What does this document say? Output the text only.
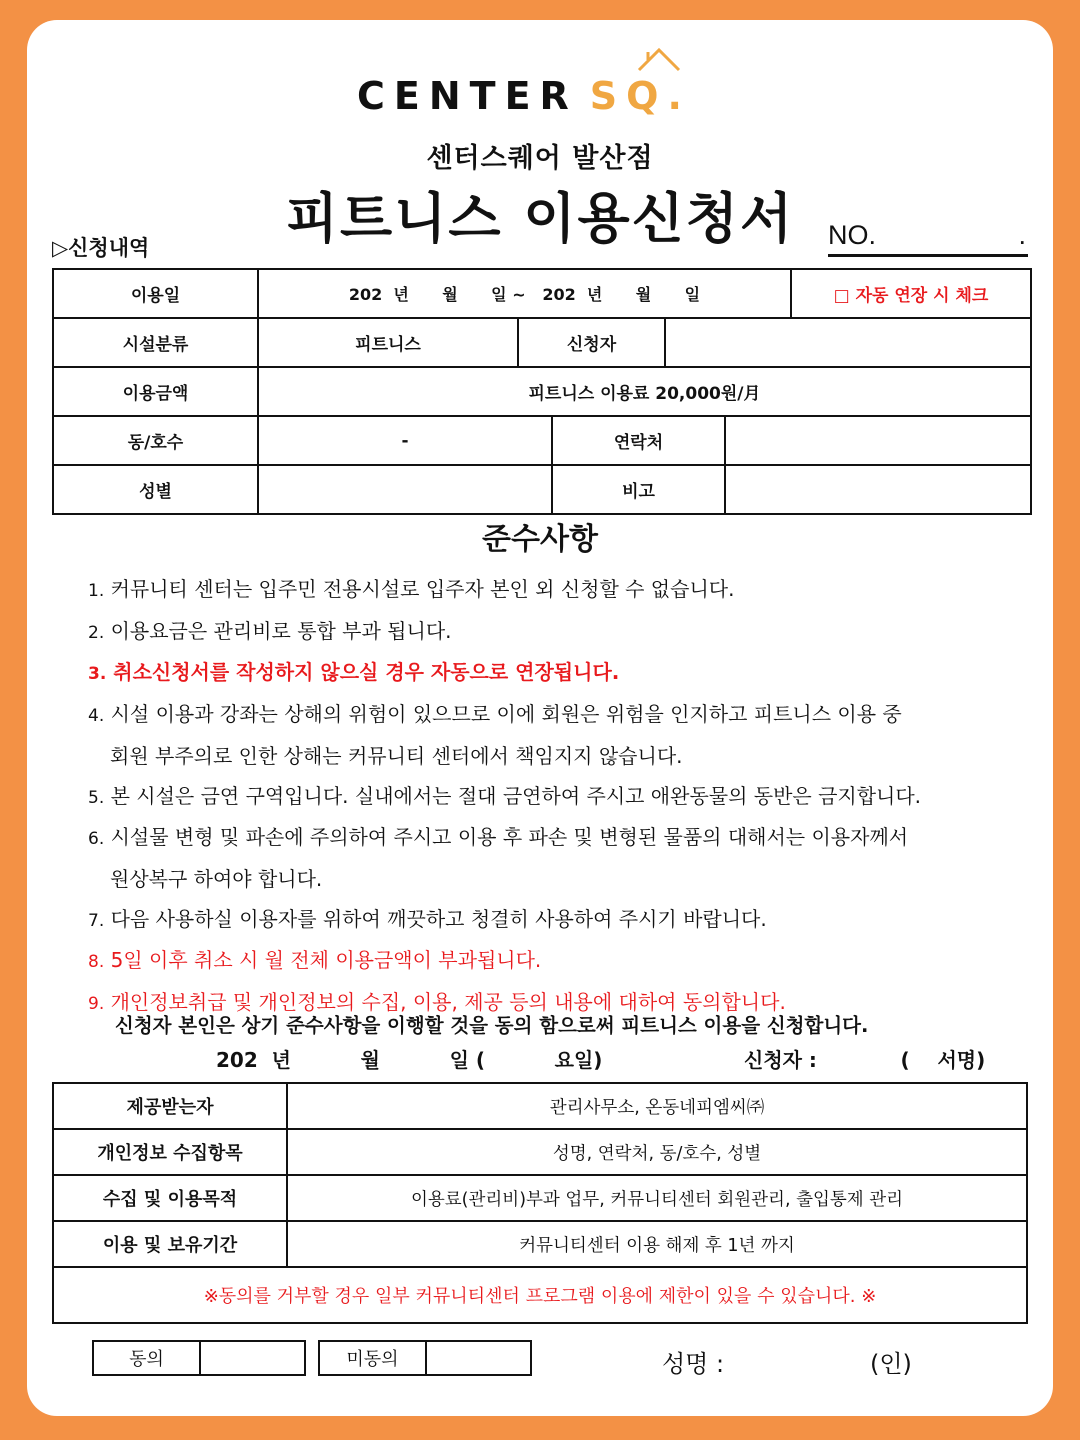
CENTER SQ.
센터스퀘어 발산점
피트니스 이용신청서
▷신청내역	NO.	.
이용일	202  년      월      일 ~   202  년      월      일					□ 자동 연장 시 체크
시설분류	피트니스	신청자				
이용금액	피트니스 이용료 20,000원/月					
동/호수	-		연락처			
성별			비고			
준수사항
1. 커뮤니티 센터는 입주민 전용시설로 입주자 본인 외 신청할 수 없습니다.
2. 이용요금은 관리비로 통합 부과 됩니다.
3. 취소신청서를 작성하지 않으실 경우 자동으로 연장됩니다.
4. 시설 이용과 강좌는 상해의 위험이 있으므로 이에 회원은 위험을 인지하고 피트니스 이용 중
회원 부주의로 인한 상해는 커뮤니티 센터에서 책임지지 않습니다.
5. 본 시설은 금연 구역입니다. 실내에서는 절대 금연하여 주시고 애완동물의 동반은 금지합니다.
6. 시설물 변형 및 파손에 주의하여 주시고 이용 후 파손 및 변형된 물품의 대해서는 이용자께서
원상복구 하여야 합니다.
7. 다음 사용하실 이용자를 위하여 깨끗하고 청결히 사용하여 주시기 바랍니다.
8. 5일 이후 취소 시 월 전체 이용금액이 부과됩니다.
9. 개인정보취급 및 개인정보의 수집, 이용, 제공 등의 내용에 대하여 동의합니다.
신청자 본인은 상기 준수사항을 이행할 것을 동의 함으로써 피트니스 이용을 신청합니다.
202  년          월          일 (          요일)	신청자 :            (    서명)
제공받는자	관리사무소, 온동네피엠씨㈜
개인정보 수집항목	성명, 연락처, 동/호수, 성별
수집 및 이용목적	이용료(관리비)부과 업무, 커뮤니티센터 회원관리, 출입통제 관리
이용 및 보유기간	커뮤니티센터 이용 해제 후 1년 까지
※동의를 거부할 경우 일부 커뮤니티센터 프로그램 이용에 제한이 있을 수 있습니다. ※	
동의	미동의	성명 :	(인)
